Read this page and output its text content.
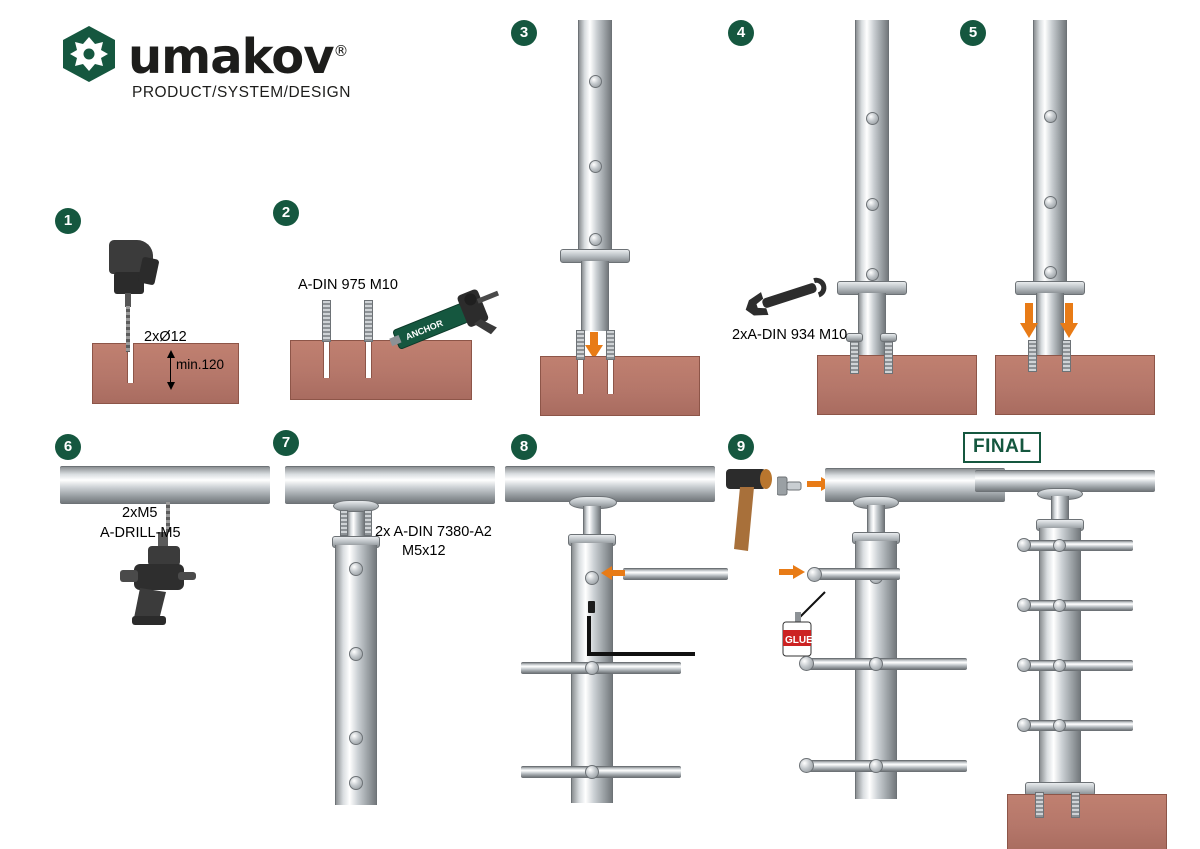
umakov®
PRODUCT/SYSTEM/DESIGN
1
2xØ12
min.120
2
ANCHOR
A-DIN 975 M10
3	4
2xA-DIN 934 M10
5
6
2xM5
A-DRILL-M5
7
2x A-DIN 7380-A2
M5x12
8	9
GLUE
FINAL
